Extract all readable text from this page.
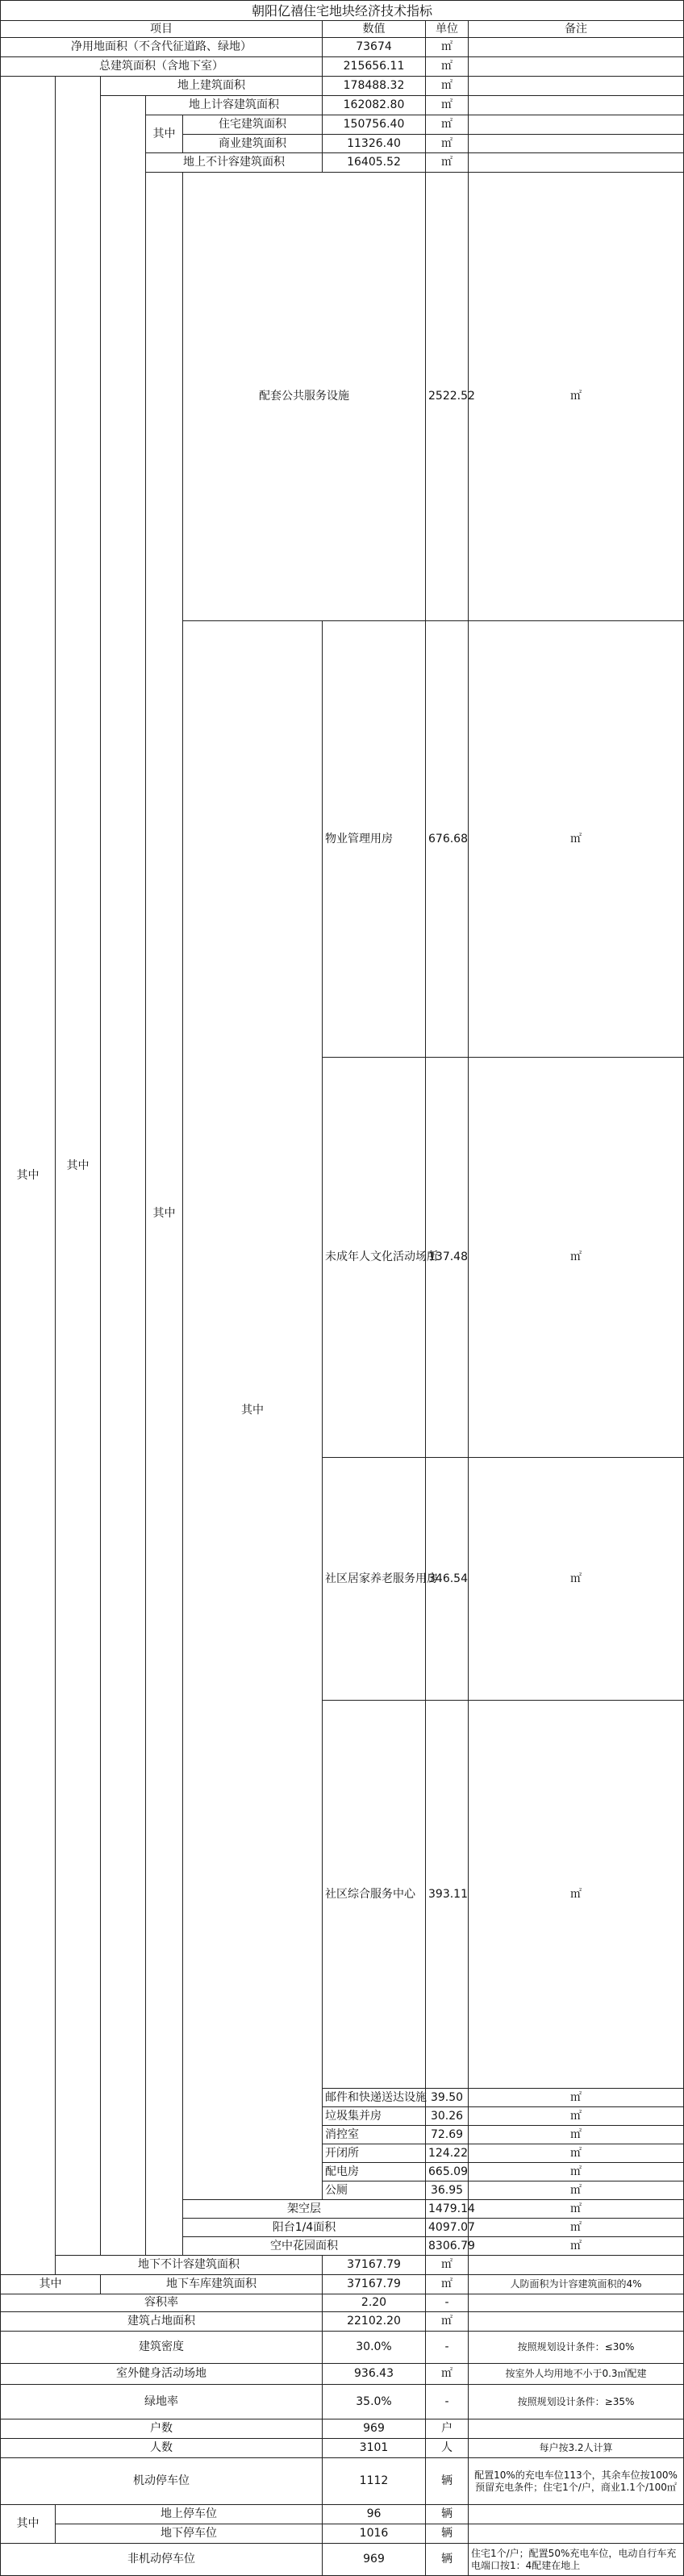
朝阳亿禧住宅地块经济技术指标								
项目					数值	单位	备注	
净用地面积（不含代征道路、绿地）					73674	㎡		
总建筑面积（含地下室）					215656.11	㎡		
其中	其中	地上建筑面积			178488.32	㎡		
			地上计容建筑面积		162082.80	㎡		
			其中	住宅建筑面积	150756.40	㎡		
				商业建筑面积	11326.40	㎡		
			地上不计容建筑面积		16405.52	㎡		
			其中	配套公共服务设施		2522.52	㎡	
				其中	物业管理用房	676.68	㎡	
					未成年人文化活动场所	137.48	㎡	
					社区居家养老服务用房	346.54	㎡	
					社区综合服务中心	393.11	㎡	
					邮件和快递送达设施	39.50	㎡	
					垃圾集并房	30.26	㎡	
					消控室	72.69	㎡	
					开闭所	124.22	㎡	
					配电房	665.09	㎡	
					公厕	36.95	㎡	
				架空层		1479.14	㎡	
				阳台1/4面积		4097.07	㎡	
				空中花园面积		8306.79	㎡	
	地下不计容建筑面积				37167.79	㎡		
其中		地下车库建筑面积			37167.79	㎡	人防面积为计容建筑面积的4%	
容积率					2.20	-		
建筑占地面积					22102.20	㎡		
建筑密度					30.0%	-	按照规划设计条件：≤30%	
室外健身活动场地					936.43	㎡	按室外人均用地不小于0.3㎡配建	
绿地率					35.0%	-	按照规划设计条件：≥35%	
户数					969	户		
人数					3101	人	每户按3.2人计算	
机动停车位					1112	辆	配置10%的充电车位113个，其余车位按100%预留充电条件；住宅1个/户，商业1.1个/100㎡	
其中	地上停车位				96	辆		
	地下停车位				1016	辆		
非机动停车位					969	辆	住宅1个/户；配置50%充电车位，电动自行车充电端口按1：4配建在地上	
